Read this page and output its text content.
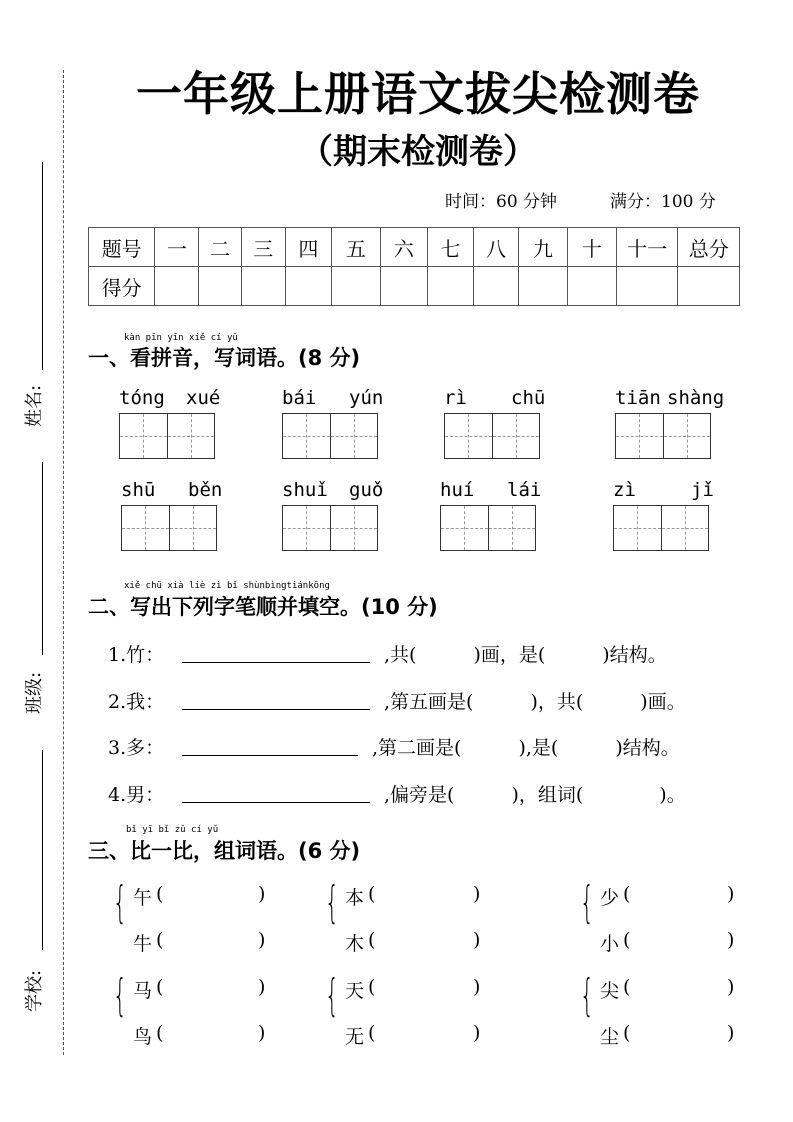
姓名:
班级:
学校:
一年级上册语文拔尖检测卷
（期末检测卷）
时间：60 分钟	满分：100 分
题号	一	二	三	四	五	六	七	八	九	十	十一	总分
得分												
kàn pīn yīn xiě cí yǔ
一、看拼音，写词语。(8 分)
tóng xué	bái yún	rì chū	tiān shàng
shū běn	shuǐ guǒ	huí lái	zì	jǐ
xiě chū xià liè zì bǐ shùnbìngtiánkōng
二、写出下列字笔顺并填空。(10 分)
1.竹：	,共(　　　)画，是(　　　)结构。
2.我：	,第五画是(　　　)，共(　　　)画。
3.多：	,第二画是(　　　),是(　　　)结构。
4.男：	,偏旁是(　　　)，组词(　　　　)。
bǐ yī bǐ zǔ cí yǔ
三、比一比，组词语。(6 分)
{ 午 (	)
牛 (	)
{ 本 (	)
木 (	)
{ 少 (	)
小 (	)
{ 马 (	)
鸟 (	)
{ 天 (	)
无 (	)
{ 尖 (	)
尘 (	)
